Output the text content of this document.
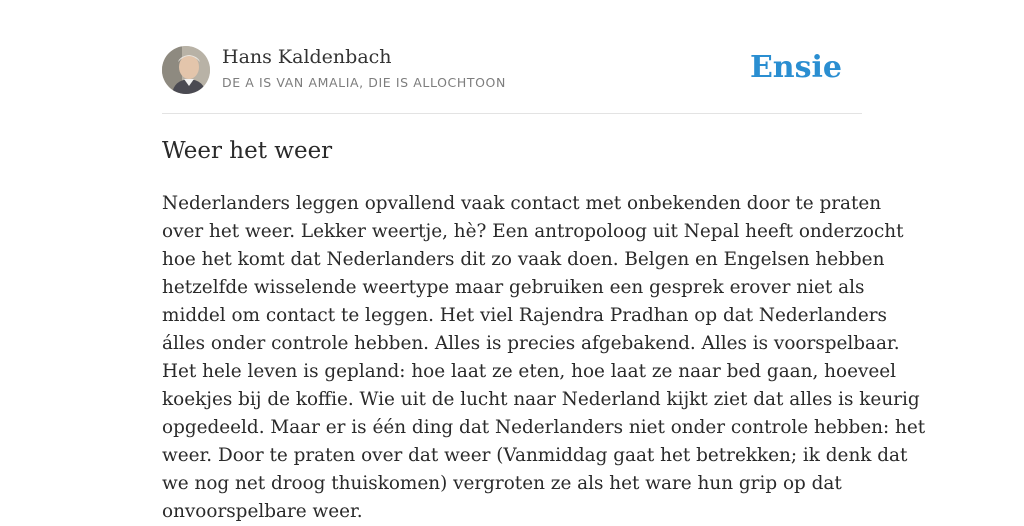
Hans Kaldenbach
DE A IS VAN AMALIA, DIE IS ALLOCHTOON	Ensie
Weer het weer
Nederlanders leggen opvallend vaak contact met onbekenden door te praten
over het weer. Lekker weertje, hè? Een antropoloog uit Nepal heeft onderzocht
hoe het komt dat Nederlanders dit zo vaak doen. Belgen en Engelsen hebben
hetzelfde wisselende weertype maar gebruiken een gesprek erover niet als
middel om contact te leggen. Het viel Rajendra Pradhan op dat Nederlanders
álles onder controle hebben. Alles is precies afgebakend. Alles is voorspelbaar.
Het hele leven is gepland: hoe laat ze eten, hoe laat ze naar bed gaan, hoeveel
koekjes bij de koffie. Wie uit de lucht naar Nederland kijkt ziet dat alles is keurig
opgedeeld. Maar er is één ding dat Nederlanders niet onder controle hebben: het
weer. Door te praten over dat weer (Vanmiddag gaat het betrekken; ik denk dat
we nog net droog thuiskomen) vergroten ze als het ware hun grip op dat
onvoorspelbare weer.
